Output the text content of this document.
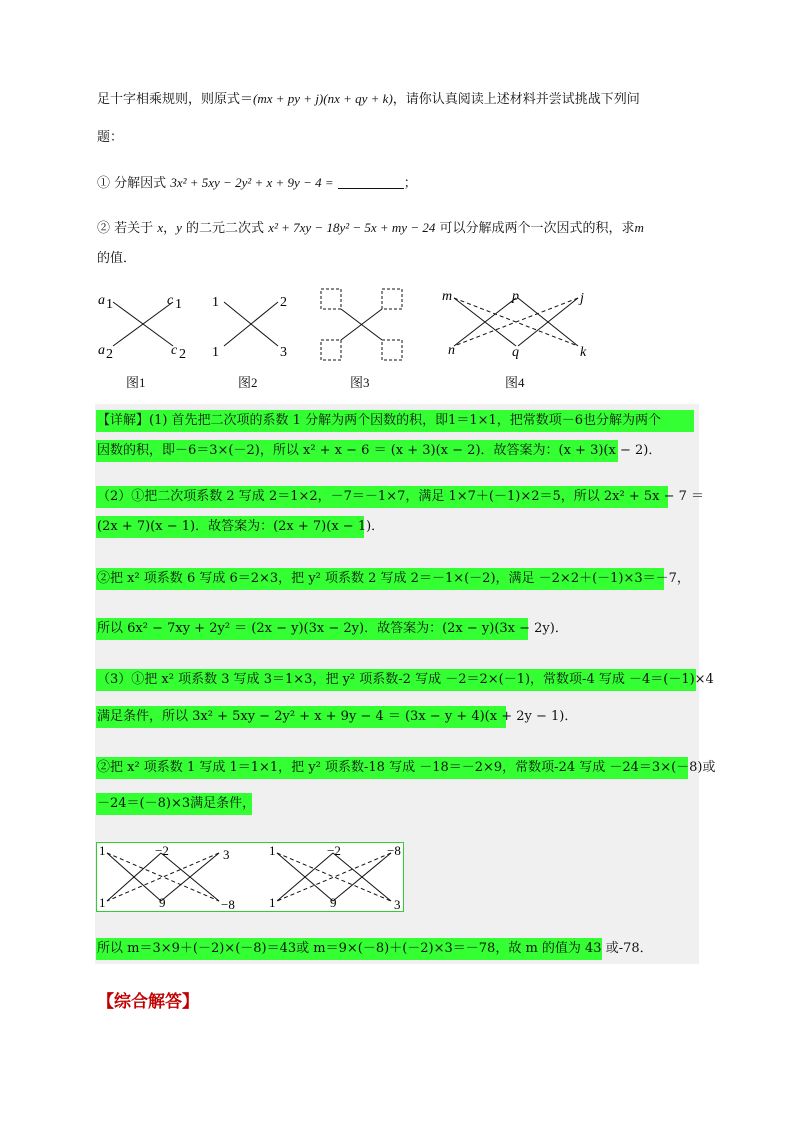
足十字相乘规则，则原式＝(mx + py + j)(nx + qy + k)，请你认真阅读上述材料并尝试挑战下列问
题：
① 分解因式 3x² + 5xy − 2y² + x + 9y − 4 =	；
② 若关于 x，y 的二元二次式 x² + 7xy − 18y² − 5x + my − 24 可以分解成两个一次因式的积，求m
的值．
a 1	c 1
a 2	c 2
图1
1	2
1	3
图2	图3
m	p	j
n	q	k
图4
【详解】(1) 首先把二次项的系数 1 分解为两个因数的积，即1＝1×1，把常数项－6也分解为两个
因数的积，即－6＝3×(－2)，所以 x² + x − 6 ＝ (x + 3)(x − 2)．故答案为：(x + 3)(x − 2)．
（2）①把二次项系数 2 写成 2＝1×2，－7＝－1×7，满足 1×7＋(－1)×2＝5，所以 2x² + 5x − 7 ＝
(2x + 7)(x − 1)．故答案为：(2x + 7)(x − 1)．
②把 x² 项系数 6 写成 6＝2×3，把 y² 项系数 2 写成 2＝－1×(－2)，满足 －2×2＋(－1)×3＝－7，
所以 6x² − 7xy + 2y² ＝ (2x − y)(3x − 2y)．故答案为：(2x − y)(3x − 2y)．
（3）①把 x² 项系数 3 写成 3＝1×3，把 y² 项系数-2 写成 －2＝2×(－1)，常数项-4 写成 －4＝(－1)×4
满足条件，所以 3x² + 5xy − 2y² + x + 9y − 4 ＝ (3x − y + 4)(x + 2y − 1)．
②把 x² 项系数 1 写成 1＝1×1，把 y² 项系数-18 写成 －18＝－2×9，常数项-24 写成 －24＝3×(－8)或
－24＝(－8)×3满足条件，
1	−2	3
1	9	−8
1	−2	−8
1	9	3
所以 m＝3×9＋(－2)×(－8)＝43或 m＝9×(－8)＋(－2)×3＝－78，故 m 的值为 43 或-78．
【综合解答】
